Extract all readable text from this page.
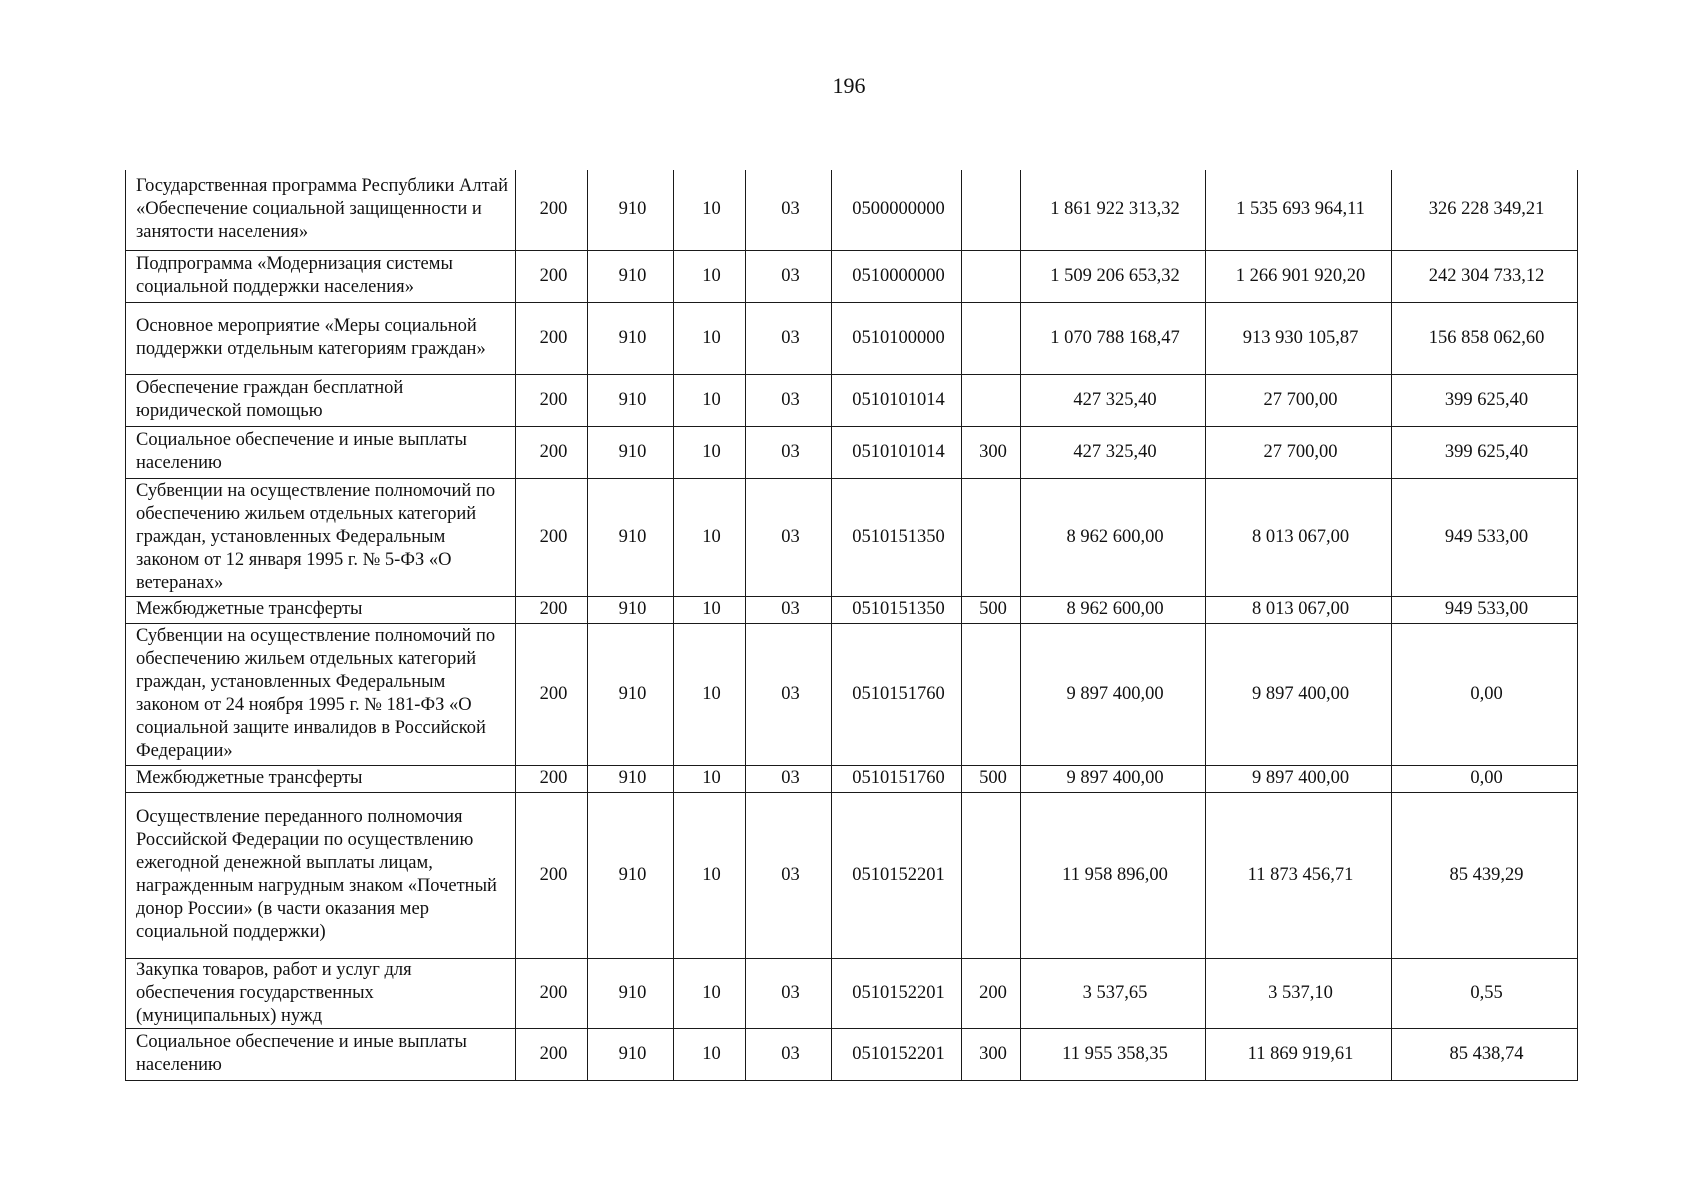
196
Государственная программа Республики Алтай «Обеспечение социальной защищенности и занятости населения»	200	910	10	03	0500000000		1 861 922 313,32	1 535 693 964,11	326 228 349,21
Подпрограмма «Модернизация системы социальной поддержки населения»	200	910	10	03	0510000000		1 509 206 653,32	1 266 901 920,20	242 304 733,12
Основное мероприятие «Меры социальной поддержки отдельным категориям граждан»	200	910	10	03	0510100000		1 070 788 168,47	913 930 105,87	156 858 062,60
Обеспечение граждан бесплатной юридической помощью	200	910	10	03	0510101014		427 325,40	27 700,00	399 625,40
Социальное обеспечение и иные выплаты населению	200	910	10	03	0510101014	300	427 325,40	27 700,00	399 625,40
Субвенции на осуществление полномочий по обеспечению жильем отдельных категорий граждан, установленных Федеральным законом от 12 января 1995 г. № 5-ФЗ «О ветеранах»	200	910	10	03	0510151350		8 962 600,00	8 013 067,00	949 533,00
Межбюджетные трансферты	200	910	10	03	0510151350	500	8 962 600,00	8 013 067,00	949 533,00
Субвенции на осуществление полномочий по обеспечению жильем отдельных категорий граждан, установленных Федеральным законом от 24 ноября 1995 г. № 181-ФЗ «О социальной защите инвалидов в Российской Федерации»	200	910	10	03	0510151760		9 897 400,00	9 897 400,00	0,00
Межбюджетные трансферты	200	910	10	03	0510151760	500	9 897 400,00	9 897 400,00	0,00
Осуществление переданного полномочия Российской Федерации по осуществлению ежегодной денежной выплаты лицам, награжденным нагрудным знаком «Почетный донор России» (в части оказания мер социальной поддержки)	200	910	10	03	0510152201		11 958 896,00	11 873 456,71	85 439,29
Закупка товаров, работ и услуг для обеспечения государственных (муниципальных) нужд	200	910	10	03	0510152201	200	3 537,65	3 537,10	0,55
Социальное обеспечение и иные выплаты населению	200	910	10	03	0510152201	300	11 955 358,35	11 869 919,61	85 438,74
